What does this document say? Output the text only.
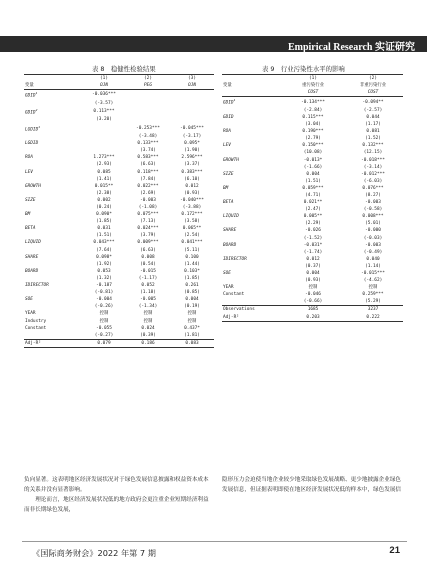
Empirical Research 实证研究
表 8　稳健性检验结果
	(1)	(2)	(3)
变量	OJN	PEG	OJN
GDID$^1$	-0.036***		
	(-3.57)		
GDID$^2$	0.113***		
	(3.20)		
LGDID$^1$		-0.253***	-0.045***
		(-3.48)	(-3.17)
LGDID		0.133***	0.095*
		(3.74)	(1.90)
ROA	1.273***	0.583***	2.596***
	(2.93)	(6.63)	(3.37)
LEV	0.085	0.118***	0.383***
	(1.41)	(7.84)	(6.10)
GROWTH	0.015**	0.022***	0.012
	(2.38)	(2.69)	(0.93)
SIZE	0.002	-0.003	-0.040***
	(0.24)	(-1.08)	(-3.88)
BM	0.090*	0.075***	0.172***
	(1.85)	(7.13)	(3.58)
BETA	0.031	0.024***	0.065**
	(1.51)	(3.79)	(2.54)
LIQUID	0.043***	0.009***	0.041***
	(7.64)	(6.63)	(5.11)
SHARE	0.098*	0.008	0.100
	(1.92)	(0.54)	(1.44)
BOARD	0.053	-0.015	0.103*
	(1.32)	(-1.17)	(1.85)
IDIRECTOR	-0.187	0.052	0.261
	(-0.81)	(1.18)	(0.85)
SOE	-0.004	-0.005	0.004
	(-0.26)	(-1.34)	(0.19)
YEAR	控制	控制	控制
Industry	控制	控制	控制
Constant	-0.055	0.024	0.437*
	(-0.27)	(0.39)	(1.81)
Adj-R²	0.079	0.186	0.083
表 9　行业污染性水平的影响
	(1)	(2)
变量	重污染行业	非重污染行业
	COST	COST
GDID$^1$	-0.134***	-0.094**
	(-2.84)	(-2.57)
GDID	0.115***	0.044
	(3.04)	(1.17)
ROA	0.190***	0.081
	(2.79)	(1.52)
LEV	0.150***	0.132***
	(10.08)	(12.15)
GROWTH	-0.013*	-0.018***
	(-1.66)	(-3.14)
SIZE	0.004	-0.012***
	(1.51)	(-6.03)
BM	0.059***	0.076***
	(4.71)	(8.27)
BETA	0.021**	-0.003
	(2.47)	(-0.58)
LIQUID	0.005**	0.008***
	(2.29)	(5.01)
SHARE	-0.026	-0.000
	(-1.52)	(-0.03)
BOARD	-0.031*	-0.003
	(-1.74)	(-0.49)
IDIRECTOR	0.012	0.040
	(0.37)	(1.14)
SOE	0.004	-0.015***
	(0.93)	(-4.62)
YEAR	控制	控制
Constant	-0.046	0.259***
	(-0.66)	(5.29)
Observations	1685	3237
Adj-R²	0.203	0.222
负向显著。这表明地区经济发展状况对于绿色发展信息披露和权益资本成本的关系并没有显著影响。
　　理论而言，地区经济发展状况低的地方政府会更注重企业短期经济利益而非长期绿色发展，
隐形压力会迫使当地企业较少地采取绿色发展战略、更少地披露企业绿色发展信息，但证据表明即使在地区经济发展状况低的样本中，绿色发展信
《国际商务财会》2022 年第 7 期	21
